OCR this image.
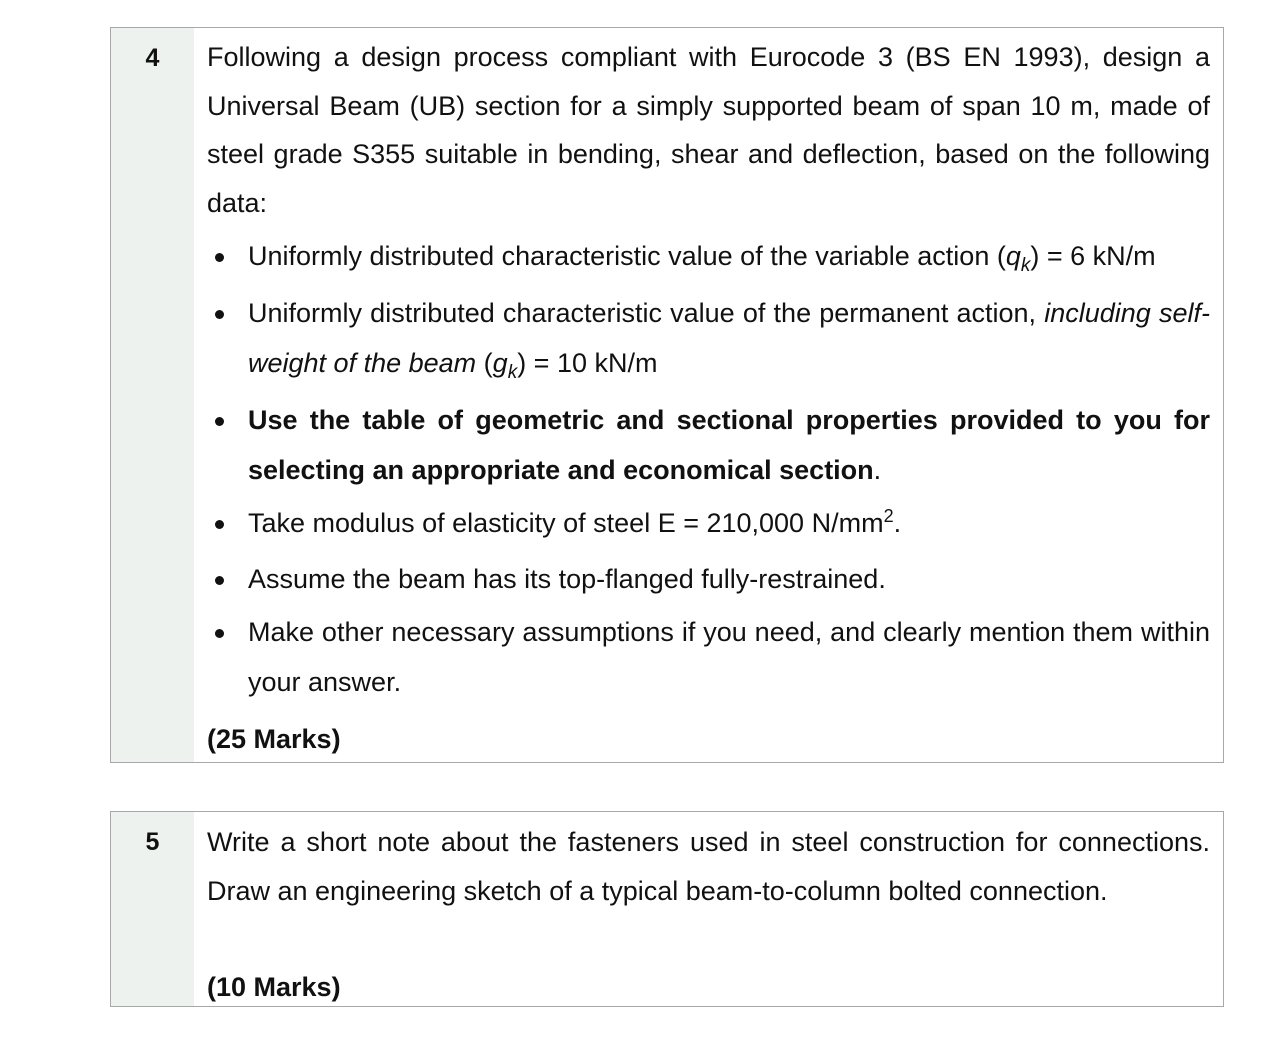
4	Following a design process compliant with Eurocode 3 (BS EN 1993), design a Universal Beam (UB) section for a simply supported beam of span 10 m, made of steel grade S355 suitable in bending, shear and deflection, based on the following data:

Uniformly distributed characteristic value of the variable action $(q_k) = 6$ kN/m
Uniformly distributed characteristic value of the permanent action, including self-weight of the beam $(g_k) = 10$ kN/m
Use the table of geometric and sectional properties provided to you for selecting an appropriate and economical section.
Take modulus of elasticity of steel E = 210,000 $N/mm^2$.
Assume the beam has its top-flanged fully-restrained.
Make other necessary assumptions if you need, and clearly mention them within your answer.
(25 Marks)
5	Write a short note about the fasteners used in steel construction for connections. Draw an engineering sketch of a typical beam-to-column bolted connection.

(10 Marks)
